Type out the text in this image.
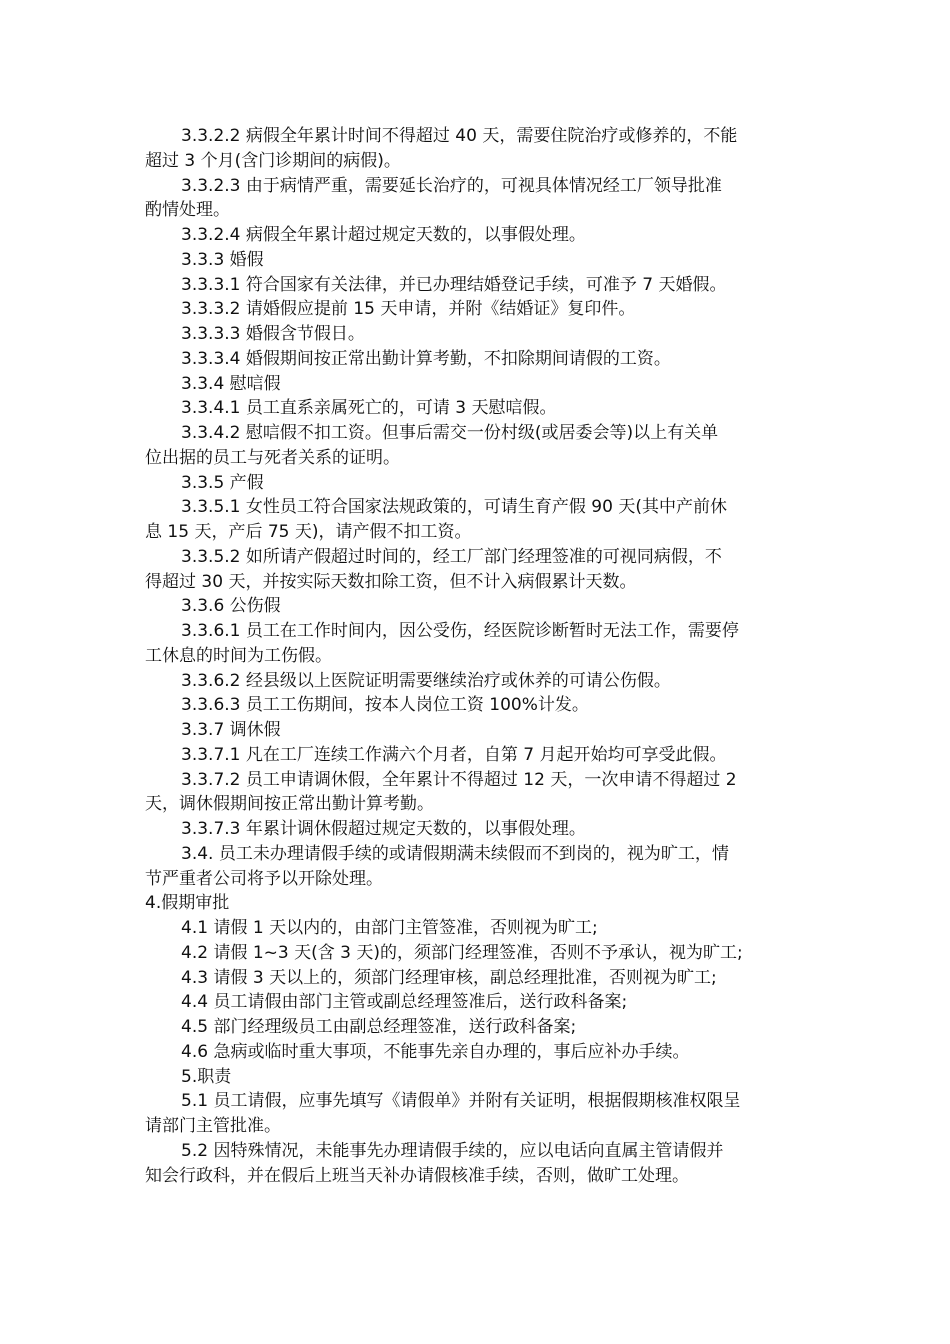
3.3.2.2 病假全年累计时间不得超过 40 天，需要住院治疗或修养的，不能
超过 3 个月(含门诊期间的病假)。
3.3.2.3 由于病情严重，需要延长治疗的，可视具体情况经工厂领导批准
酌情处理。
3.3.2.4 病假全年累计超过规定天数的，以事假处理。
3.3.3 婚假
3.3.3.1 符合国家有关法律，并已办理结婚登记手续，可准予 7 天婚假。
3.3.3.2 请婚假应提前 15 天申请，并附《结婚证》复印件。
3.3.3.3 婚假含节假日。
3.3.3.4 婚假期间按正常出勤计算考勤，不扣除期间请假的工资。
3.3.4 慰唁假
3.3.4.1 员工直系亲属死亡的，可请 3 天慰唁假。
3.3.4.2 慰唁假不扣工资。但事后需交一份村级(或居委会等)以上有关单
位出据的员工与死者关系的证明。
3.3.5 产假
3.3.5.1 女性员工符合国家法规政策的，可请生育产假 90 天(其中产前休
息 15 天，产后 75 天)，请产假不扣工资。
3.3.5.2 如所请产假超过时间的，经工厂部门经理签准的可视同病假，不
得超过 30 天，并按实际天数扣除工资，但不计入病假累计天数。
3.3.6 公伤假
3.3.6.1 员工在工作时间内，因公受伤，经医院诊断暂时无法工作，需要停
工休息的时间为工伤假。
3.3.6.2 经县级以上医院证明需要继续治疗或休养的可请公伤假。
3.3.6.3 员工工伤期间，按本人岗位工资 100%计发。
3.3.7 调休假
3.3.7.1 凡在工厂连续工作满六个月者，自第 7 月起开始均可享受此假。
3.3.7.2 员工申请调休假，全年累计不得超过 12 天，一次申请不得超过 2
天，调休假期间按正常出勤计算考勤。
3.3.7.3 年累计调休假超过规定天数的，以事假处理。
3.4. 员工未办理请假手续的或请假期满未续假而不到岗的，视为旷工，情
节严重者公司将予以开除处理。
4.假期审批
4.1 请假 1 天以内的，由部门主管签准，否则视为旷工;
4.2 请假 1~3 天(含 3 天)的，须部门经理签准，否则不予承认，视为旷工;
4.3 请假 3 天以上的，须部门经理审核，副总经理批准，否则视为旷工;
4.4 员工请假由部门主管或副总经理签准后，送行政科备案;
4.5 部门经理级员工由副总经理签准，送行政科备案;
4.6 急病或临时重大事项，不能事先亲自办理的，事后应补办手续。
5.职责
5.1 员工请假，应事先填写《请假单》并附有关证明，根据假期核准权限呈
请部门主管批准。
5.2 因特殊情况，未能事先办理请假手续的，应以电话向直属主管请假并
知会行政科，并在假后上班当天补办请假核准手续，否则，做旷工处理。
